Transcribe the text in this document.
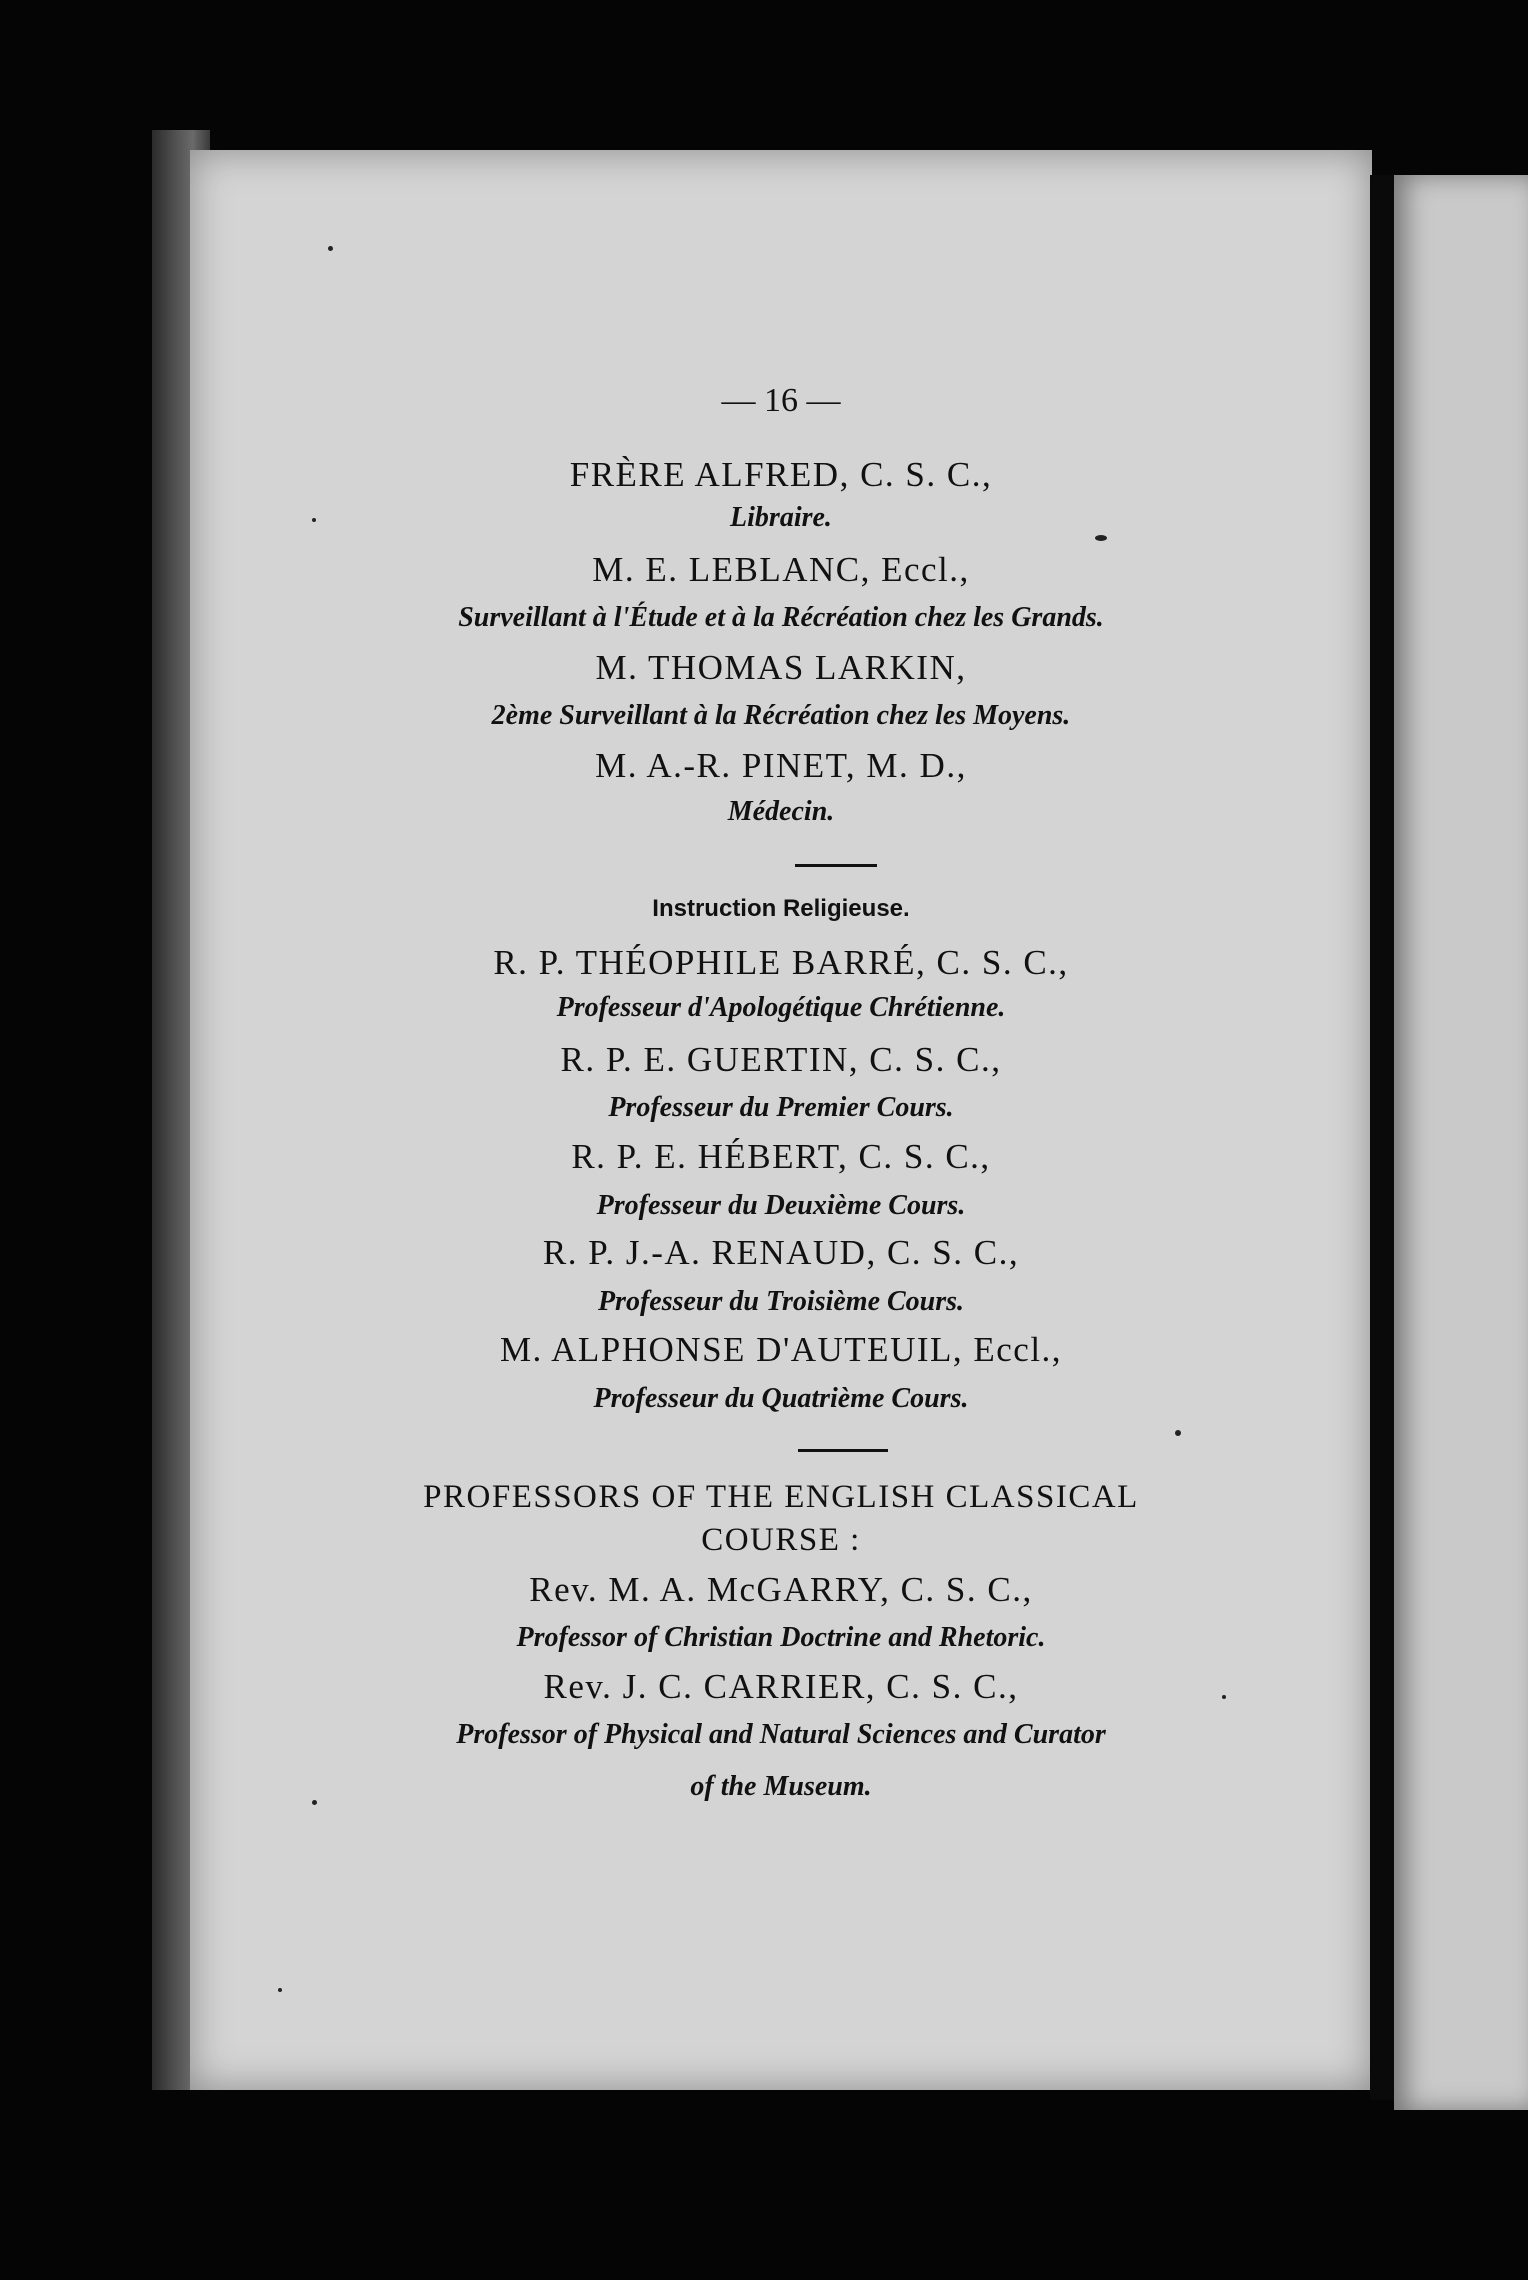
— 16 —
FRÈRE ALFRED, C. S. C.,
Libraire.
M. E. LEBLANC, Eccl.,
Surveillant à l'Étude et à la Récréation chez les Grands.
M. THOMAS LARKIN,
2ème Surveillant à la Récréation chez les Moyens.
M. A.-R. PINET, M. D.,
Médecin.
Instruction Religieuse.
R. P. THÉOPHILE BARRÉ, C. S. C.,
Professeur d'Apologétique Chrétienne.
R. P. E. GUERTIN, C. S. C.,
Professeur du Premier Cours.
R. P. E. HÉBERT, C. S. C.,
Professeur du Deuxième Cours.
R. P. J.-A. RENAUD, C. S. C.,
Professeur du Troisième Cours.
M. ALPHONSE D'AUTEUIL, Eccl.,
Professeur du Quatrième Cours.
PROFESSORS OF THE ENGLISH CLASSICAL
COURSE :
Rev. M. A. McGARRY, C. S. C.,
Professor of Christian Doctrine and Rhetoric.
Rev. J. C. CARRIER, C. S. C.,
Professor of Physical and Natural Sciences and Curator
of the Museum.
